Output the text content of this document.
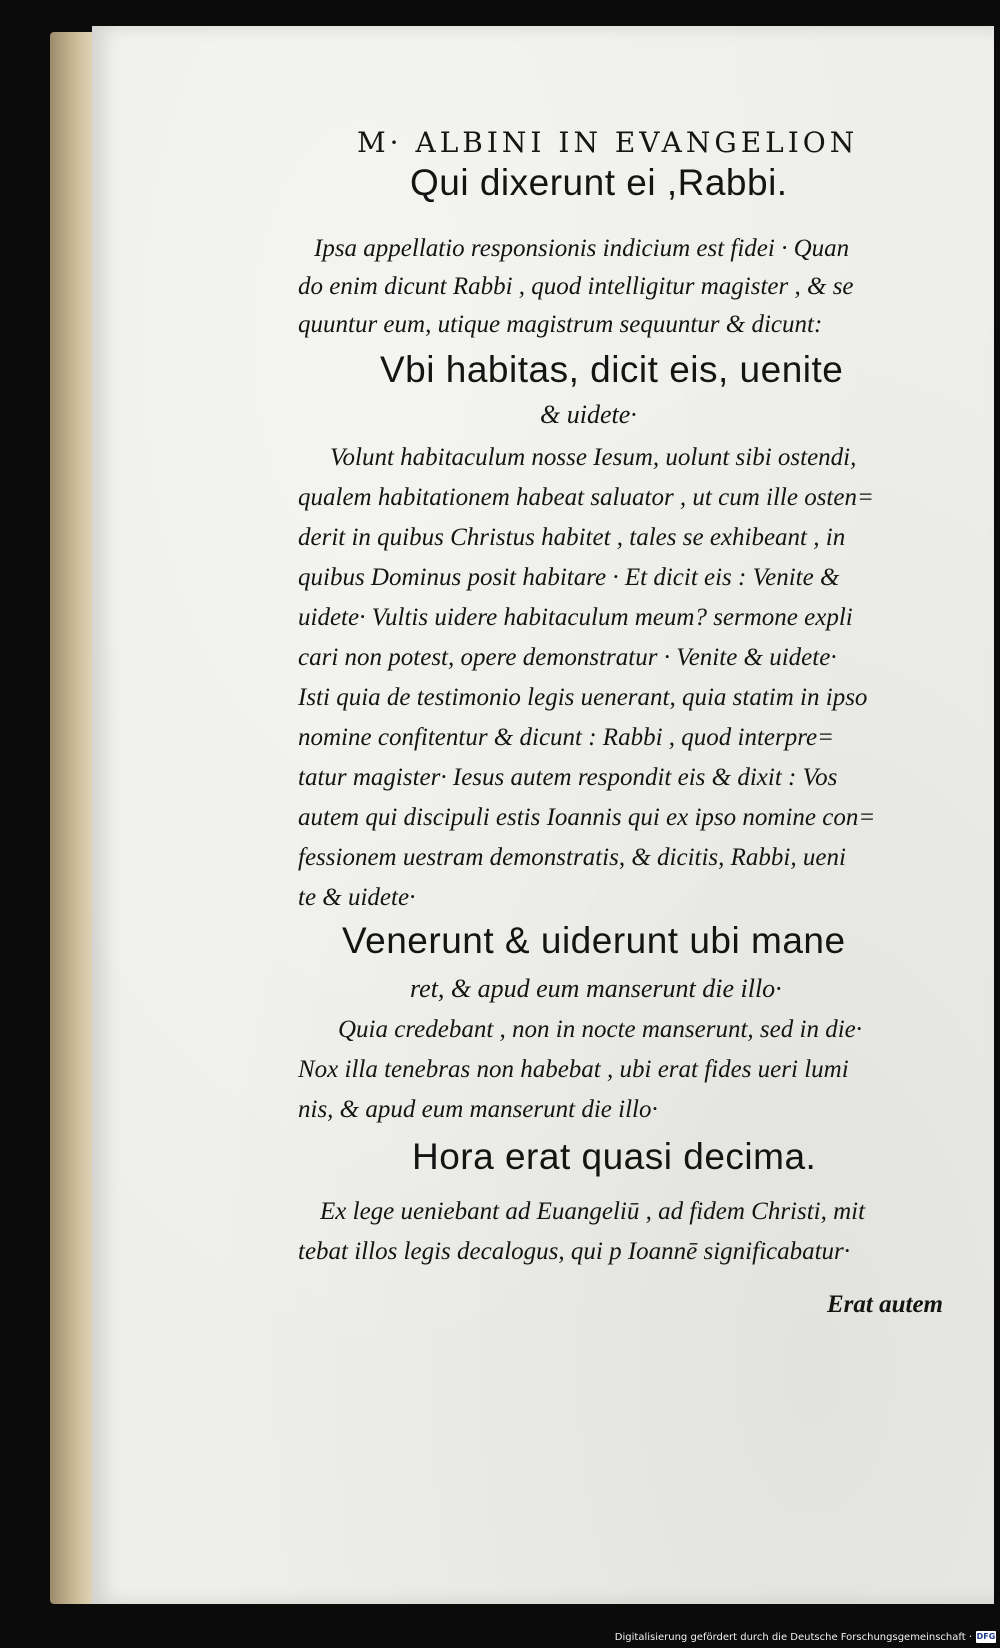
M· ALBINI IN EVANGELION
Qui dixerunt ei ,Rabbi.
Ipsa appellatio responsionis indicium est fidei · Quan
do enim dicunt Rabbi , quod intelligitur magister , & se
quuntur eum, utique magistrum sequuntur & dicunt:
Vbi habitas, dicit eis, uenite
& uidete·
Volunt habitaculum nosse Iesum, uolunt sibi ostendi,
qualem habitationem habeat saluator , ut cum ille osten=
derit in quibus Christus habitet , tales se exhibeant , in
quibus Dominus posit habitare · Et dicit eis : Venite &
uidete· Vultis uidere habitaculum meum? sermone expli
cari non potest, opere demonstratur · Venite & uidete·
Isti quia de testimonio legis uenerant, quia statim in ipso
nomine confitentur & dicunt : Rabbi , quod interpre=
tatur magister· Iesus autem respondit eis & dixit : Vos
autem qui discipuli estis Ioannis qui ex ipso nomine con=
fessionem uestram demonstratis, & dicitis, Rabbi, ueni
te & uidete·
Venerunt & uiderunt ubi mane
ret, & apud eum manserunt die illo·
Quia credebant , non in nocte manserunt, sed in die·
Nox illa tenebras non habebat , ubi erat fides ueri lumi
nis, & apud eum manserunt die illo·
Hora erat quasi decima.
Ex lege ueniebant ad Euangeliū , ad fidem Christi, mit
tebat illos legis decalogus, qui p Ioannē significabatur·
Erat autem
Digitalisierung gefördert durch die Deutsche Forschungsgemeinschaft · DFG
